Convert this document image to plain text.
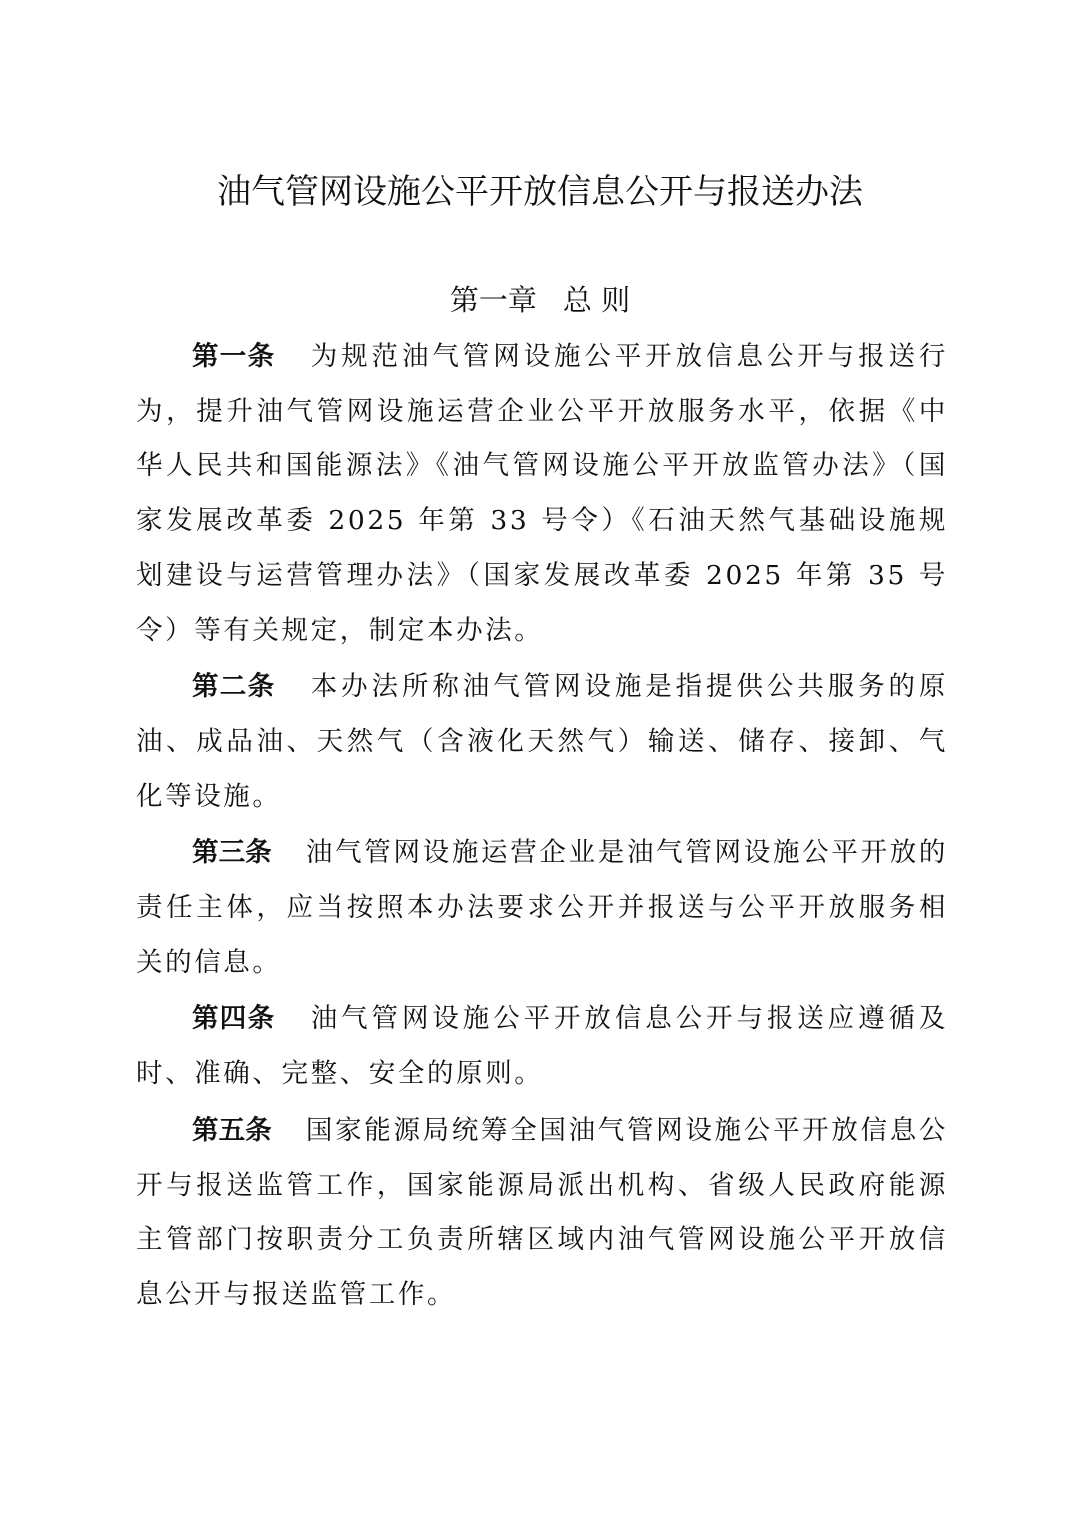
油气管网设施公平开放信息公开与报送办法
第一章 总 则

第一条 为规范油气管网设施公平开放信息公开与报送行为，提升油气管网设施运营企业公平开放服务水平，依据《中华人民共和国能源法》《油气管网设施公平开放监管办法》（国家发展改革委 2025 年第 33 号令）《石油天然气基础设施规划建设与运营管理办法》（国家发展改革委 2025 年第 35 号令）等有关规定，制定本办法。

第二条 本办法所称油气管网设施是指提供公共服务的原油、成品油、天然气（含液化天然气）输送、储存、接卸、气化等设施。

第三条 油气管网设施运营企业是油气管网设施公平开放的责任主体，应当按照本办法要求公开并报送与公平开放服务相关的信息。

第四条 油气管网设施公平开放信息公开与报送应遵循及时、准确、完整、安全的原则。

第五条 国家能源局统筹全国油气管网设施公平开放信息公开与报送监管工作，国家能源局派出机构、省级人民政府能源主管部门按职责分工负责所辖区域内油气管网设施公平开放信息公开与报送监管工作。
